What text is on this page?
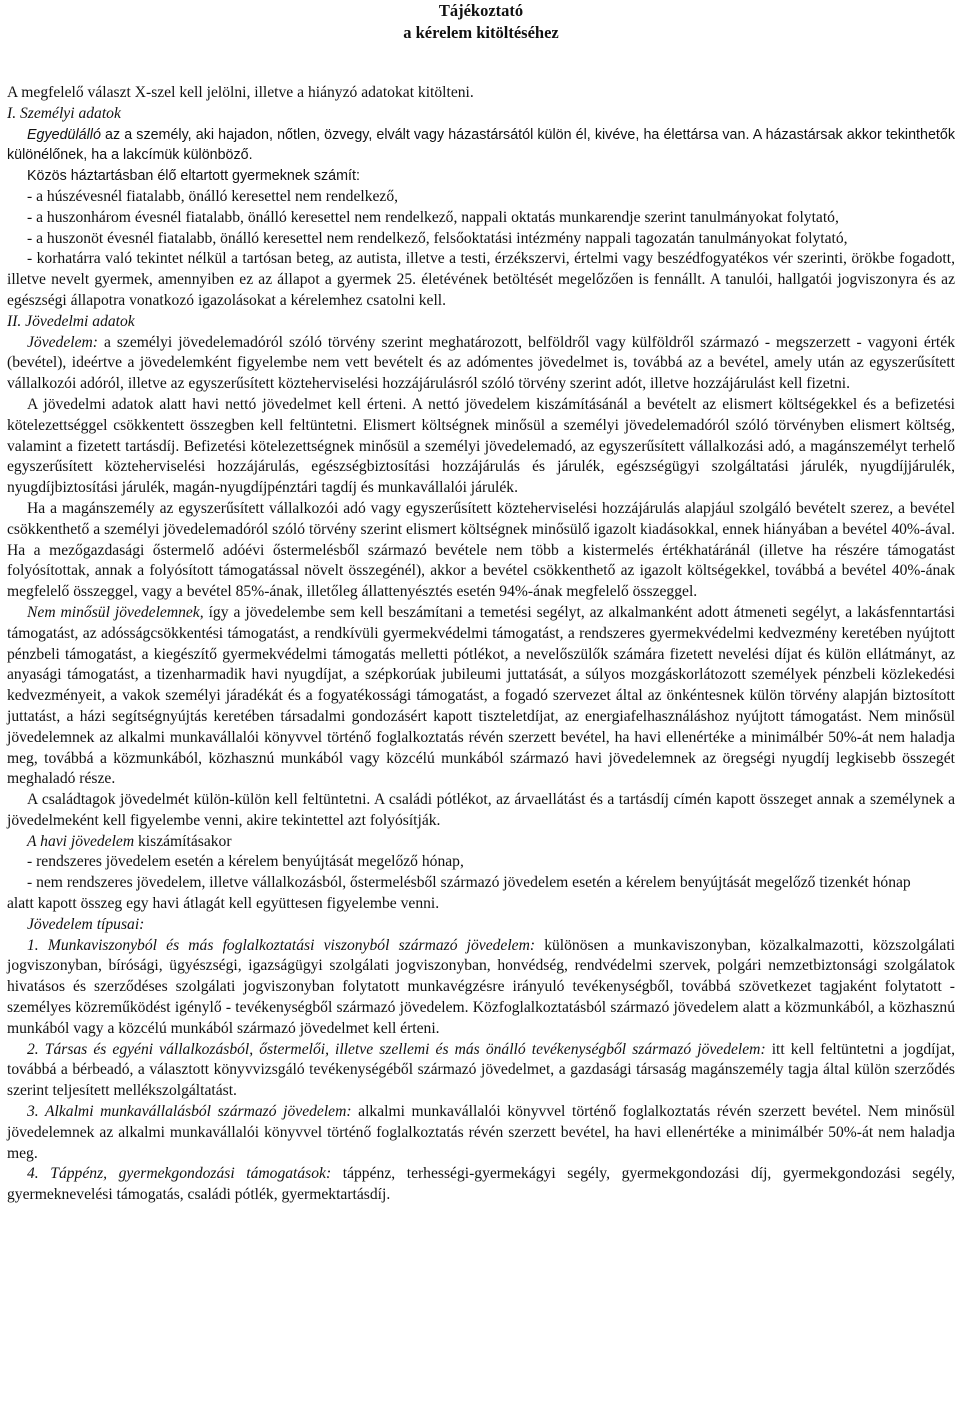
Tájékoztató
a kérelem kitöltéséhez

A megfelelő választ X-szel kell jelölni, illetve a hiányzó adatokat kitölteni.

I. Személyi adatok

Egyedülálló az a személy, aki hajadon, nőtlen, özvegy, elvált vagy házastársától külön él, kivéve, ha élettársa van. A házastársak akkor tekinthetők különélőnek, ha a lakcímük különböző.

Közös háztartásban élő eltartott gyermeknek számít:

- a húszévesnél fiatalabb, önálló keresettel nem rendelkező,

- a huszonhárom évesnél fiatalabb, önálló keresettel nem rendelkező, nappali oktatás munkarendje szerint tanulmányokat folytató,

- a huszonöt évesnél fiatalabb, önálló keresettel nem rendelkező, felsőoktatási intézmény nappali tagozatán tanulmányokat folytató,

- korhatárra való tekintet nélkül a tartósan beteg, az autista, illetve a testi, érzékszervi, értelmi vagy beszédfogyatékos vér szerinti, örökbe fogadott, illetve nevelt gyermek, amennyiben ez az állapot a gyermek 25. életévének betöltését megelőzően is fennállt. A tanulói, hallgatói jogviszonyra és az egészségi állapotra vonatkozó igazolásokat a kérelemhez csatolni kell.

II. Jövedelmi adatok

Jövedelem: a személyi jövedelemadóról szóló törvény szerint meghatározott, belföldről vagy külföldről származó - megszerzett - vagyoni érték (bevétel), ideértve a jövedelemként figyelembe nem vett bevételt és az adómentes jövedelmet is, továbbá az a bevétel, amely után az egyszerűsített vállalkozói adóról, illetve az egyszerűsített közteherviselési hozzájárulásról szóló törvény szerint adót, illetve hozzájárulást kell fizetni.

A jövedelmi adatok alatt havi nettó jövedelmet kell érteni. A nettó jövedelem kiszámításánál a bevételt az elismert költségekkel és a befizetési kötelezettséggel csökkentett összegben kell feltüntetni. Elismert költségnek minősül a személyi jövedelemadóról szóló törvényben elismert költség, valamint a fizetett tartásdíj. Befizetési kötelezettségnek minősül a személyi jövedelemadó, az egyszerűsített vállalkozási adó, a magánszemélyt terhelő egyszerűsített közteherviselési hozzájárulás, egészségbiztosítási hozzájárulás és járulék, egészségügyi szolgáltatási járulék, nyugdíjjárulék, nyugdíjbiztosítási járulék, magán-nyugdíjpénztári tagdíj és munkavállalói járulék.

Ha a magánszemély az egyszerűsített vállalkozói adó vagy egyszerűsített közteherviselési hozzájárulás alapjául szolgáló bevételt szerez, a bevétel csökkenthető a személyi jövedelemadóról szóló törvény szerint elismert költségnek minősülő igazolt kiadásokkal, ennek hiányában a bevétel 40%-ával. Ha a mezőgazdasági őstermelő adóévi őstermelésből származó bevétele nem több a kistermelés értékhatáránál (illetve ha részére támogatást folyósítottak, annak a folyósított támogatással növelt összegénél), akkor a bevétel csökkenthető az igazolt költségekkel, továbbá a bevétel 40%-ának megfelelő összeggel, vagy a bevétel 85%-ának, illetőleg állattenyésztés esetén 94%-ának megfelelő összeggel.

Nem minősül jövedelemnek, így a jövedelembe sem kell beszámítani a temetési segélyt, az alkalmanként adott átmeneti segélyt, a lakásfenntartási támogatást, az adósságcsökkentési támogatást, a rendkívüli gyermekvédelmi támogatást, a rendszeres gyermekvédelmi kedvezmény keretében nyújtott pénzbeli támogatást, a kiegészítő gyermekvédelmi támogatás melletti pótlékot, a nevelőszülők számára fizetett nevelési díjat és külön ellátmányt, az anyasági támogatást, a tizenharmadik havi nyugdíjat, a szépkorúak jubileumi juttatását, a súlyos mozgáskorlátozott személyek pénzbeli közlekedési kedvezményeit, a vakok személyi járadékát és a fogyatékossági támogatást, a fogadó szervezet által az önkéntesnek külön törvény alapján biztosított juttatást, a házi segítségnyújtás keretében társadalmi gondozásért kapott tiszteletdíjat, az energiafelhasználáshoz nyújtott támogatást. Nem minősül jövedelemnek az alkalmi munkavállalói könyvvel történő foglalkoztatás révén szerzett bevétel, ha havi ellenértéke a minimálbér 50%-át nem haladja meg, továbbá a közmunkából, közhasznú munkából vagy közcélú munkából származó havi jövedelemnek az öregségi nyugdíj legkisebb összegét meghaladó része.

A családtagok jövedelmét külön-külön kell feltüntetni. A családi pótlékot, az árvaellátást és a tartásdíj címén kapott összeget annak a személynek a jövedelmeként kell figyelembe venni, akire tekintettel azt folyósítják.

A havi jövedelem kiszámításakor

- rendszeres jövedelem esetén a kérelem benyújtását megelőző hónap,

- nem rendszeres jövedelem, illetve vállalkozásból, őstermelésből származó jövedelem esetén a kérelem benyújtását megelőző tizenkét hónap

alatt kapott összeg egy havi átlagát kell együttesen figyelembe venni.

Jövedelem típusai:

1. Munkaviszonyból és más foglalkoztatási viszonyból származó jövedelem: különösen a munkaviszonyban, közalkalmazotti, közszolgálati jogviszonyban, bírósági, ügyészségi, igazságügyi szolgálati jogviszonyban, honvédség, rendvédelmi szervek, polgári nemzetbiztonsági szolgálatok hivatásos és szerződéses szolgálati jogviszonyban folytatott munkavégzésre irányuló tevékenységből, továbbá szövetkezet tagjaként folytatott - személyes közreműködést igénylő - tevékenységből származó jövedelem. Közfoglalkoztatásból származó jövedelem alatt a közmunkából, a közhasznú munkából vagy a közcélú munkából származó jövedelmet kell érteni.

2. Társas és egyéni vállalkozásból, őstermelői, illetve szellemi és más önálló tevékenységből származó jövedelem: itt kell feltüntetni a jogdíjat, továbbá a bérbeadó, a választott könyvvizsgáló tevékenységéből származó jövedelmet, a gazdasági társaság magánszemély tagja által külön szerződés szerint teljesített mellékszolgáltatást.

3. Alkalmi munkavállalásból származó jövedelem: alkalmi munkavállalói könyvvel történő foglalkoztatás révén szerzett bevétel. Nem minősül jövedelemnek az alkalmi munkavállalói könyvvel történő foglalkoztatás révén szerzett bevétel, ha havi ellenértéke a minimálbér 50%-át nem haladja meg.

4. Táppénz, gyermekgondozási támogatások: táppénz, terhességi-gyermekágyi segély, gyermekgondozási díj, gyermekgondozási segély, gyermeknevelési támogatás, családi pótlék, gyermektartásdíj.
